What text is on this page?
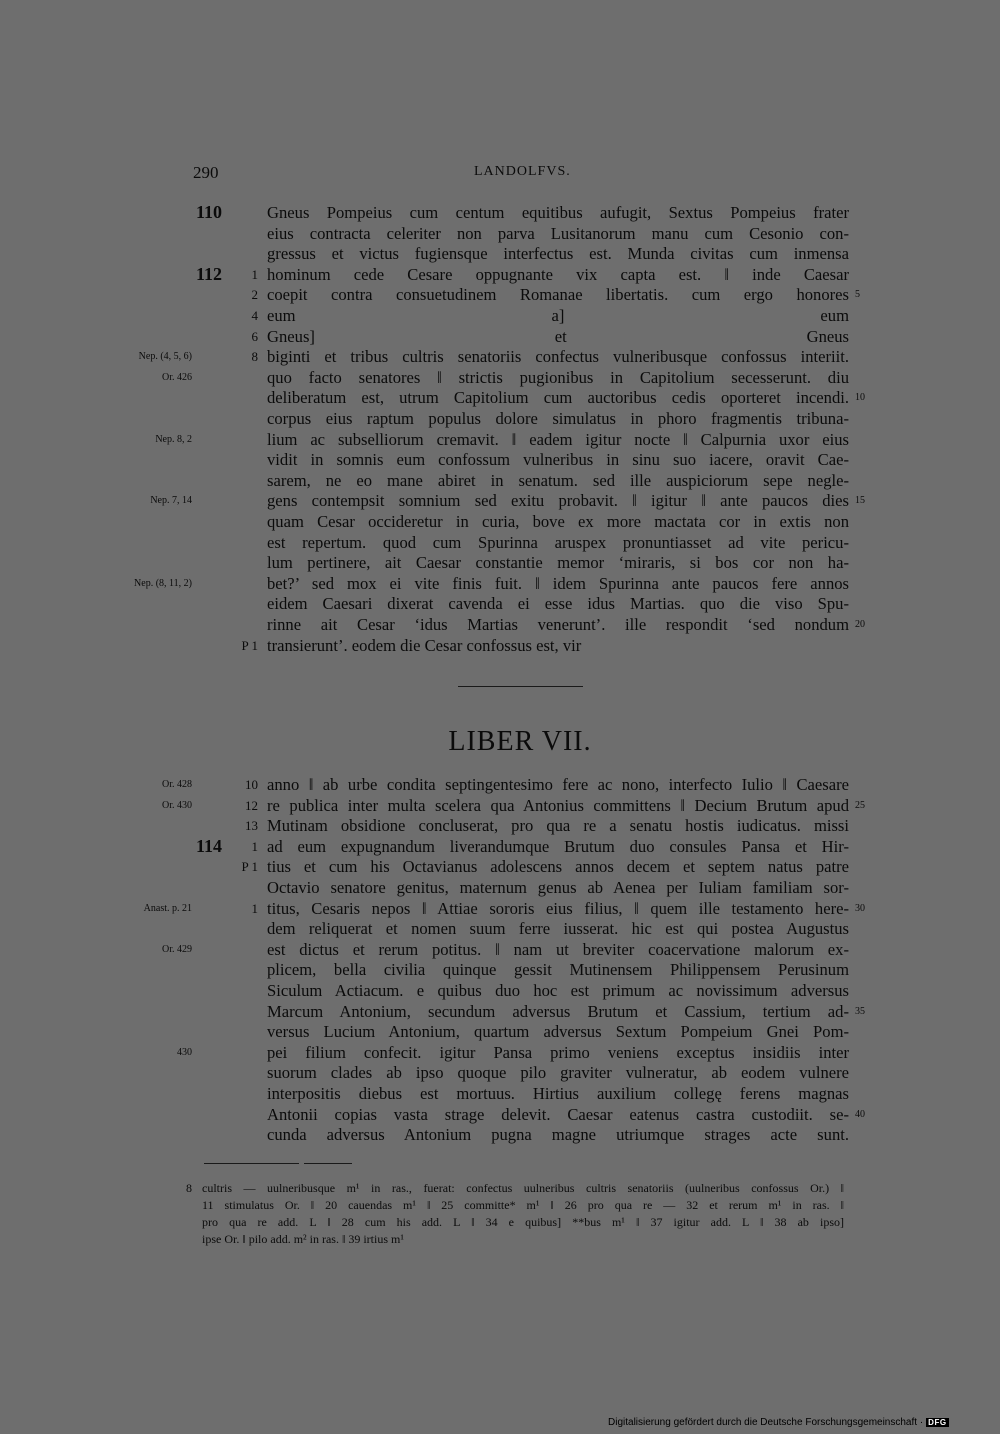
290	LANDOLFVS.
110	Gneus Pompeius cum centum equitibus aufugit, Sextus Pompeius frater
eius contracta celeriter non parva Lusitanorum manu cum Cesonio con-
gressus et victus fugiensque interfectus est. Munda civitas cum inmensa
112	1 hominum cede Cesare oppugnante vix capta est. ‖ inde Caesar
2 coepit contra consuetudinem Romanae libertatis. cum ergo honores 5
4 eum a] eum
6 Gneus] et Gneus
Nep. (4, 5, 6)	8 biginti et tribus cultris senatoriis confectus vulneribusque confossus interiit.
Or. 426	quo facto senatores ‖ strictis pugionibus in Capitolium secesserunt. diu
deliberatum est, utrum Capitolium cum auctoribus cedis oporteret incendi. 10
corpus eius raptum populus dolore simulatus in phoro fragmentis tribuna-
Nep. 8, 2	lium ac subselliorum cremavit. ‖ eadem igitur nocte ‖ Calpurnia uxor eius
vidit in somnis eum confossum vulneribus in sinu suo iacere, oravit Cae-
sarem, ne eo mane abiret in senatum. sed ille auspiciorum sepe negle-
Nep. 7, 14	gens contempsit somnium sed exitu probavit. ‖ igitur ‖ ante paucos dies 15
quam Cesar occideretur in curia, bove ex more mactata cor in extis non
est repertum. quod cum Spurinna aruspex pronuntiasset ad vite pericu-
lum pertinere, ait Caesar constantie memor ‘miraris, si bos cor non ha-
Nep. (8, 11, 2)	bet?’ sed mox ei vite finis fuit. ‖ idem Spurinna ante paucos fere annos
eidem Caesari dixerat cavenda ei esse idus Martias. quo die viso Spu-
rinne ait Cesar ‘idus Martias venerunt’. ille respondit ‘sed nondum 20
P 1 transierunt’. eodem die Cesar confossus est, vir
LIBER VII.
Or. 428	10 anno ‖ ab urbe condita septingentesimo fere ac nono, interfecto Iulio ‖ Caesare
Or. 430	12 re publica inter multa scelera qua Antonius committens ‖ Decium Brutum apud 25
13 Mutinam obsidione concluserat, pro qua re a senatu hostis iudicatus. missi
114	1 ad eum expugnandum liverandumque Brutum duo consules Pansa et Hir-
P 1 tius et cum his Octavianus adolescens annos decem et septem natus patre
Octavio senatore genitus, maternum genus ab Aenea per Iuliam familiam sor-
Anast. p. 21	1 titus, Cesaris nepos ‖ Attiae sororis eius filius, ‖ quem ille testamento here- 30
dem reliquerat et nomen suum ferre iusserat. hic est qui postea Augustus
Or. 429	est dictus et rerum potitus. ‖ nam ut breviter coacervatione malorum ex-
plicem, bella civilia quinque gessit Mutinensem Philippensem Perusinum
Siculum Actiacum. e quibus duo hoc est primum ac novissimum adversus
Marcum Antonium, secundum adversus Brutum et Cassium, tertium ad- 35
versus Lucium Antonium, quartum adversus Sextum Pompeium Gnei Pom-
430	pei filium confecit. igitur Pansa primo veniens exceptus insidiis inter
suorum clades ab ipso quoque pilo graviter vulneratur, ab eodem vulnere
interpositis diebus est mortuus. Hirtius auxilium collegę ferens magnas
Antonii copias vasta strage delevit. Caesar eatenus castra custodiit. se- 40
cunda adversus Antonium pugna magne utriumque strages acte sunt.
8 cultris — uulneribusque m¹ in ras., fuerat: confectus uulneribus cultris senatoriis (uulneribus confossus Or.) ‖
11 stimulatus Or. ‖ 20 cauendas m¹ ‖ 25 committe* m¹ ‖ 26 pro qua re — 32 et rerum m¹ in ras. ‖
pro qua re add. L ‖ 28 cum his add. L ‖ 34 e quibus] **bus m¹ ‖ 37 igitur add. L ‖ 38 ab ipso]
ipse Or. ‖ pilo add. m² in ras. ‖ 39 irtius m¹
Digitalisierung gefördert durch die Deutsche Forschungsgemeinschaft · DFG
